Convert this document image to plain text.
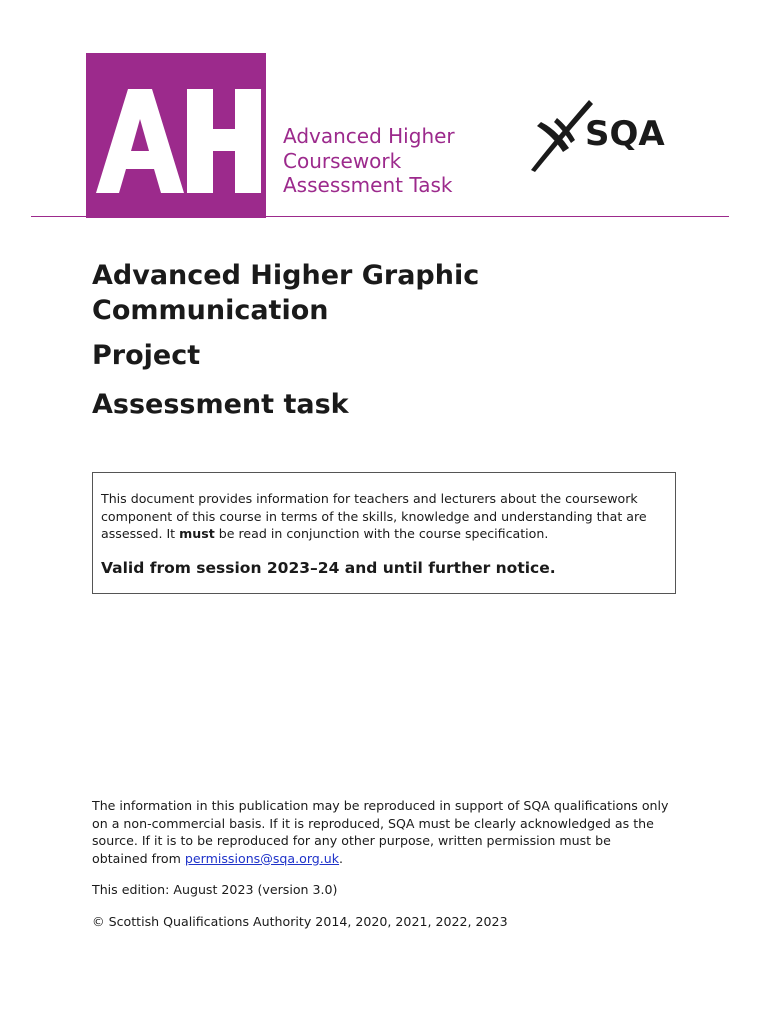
Advanced Higher
Coursework
Assessment Task
SQA
Advanced Higher Graphic
Communication
Project
Assessment task

This document provides information for teachers and lecturers about the coursework

component of this course in terms of the skills, knowledge and understanding that are

assessed. It must be read in conjunction with the course specification.

Valid from session 2023–24 and until further notice.

The information in this publication may be reproduced in support of SQA qualifications only

on a non-commercial basis. If it is reproduced, SQA must be clearly acknowledged as the

source. If it is to be reproduced for any other purpose, written permission must be

obtained from permissions@sqa.org.uk.

This edition: August 2023 (version 3.0)

© Scottish Qualifications Authority 2014, 2020, 2021, 2022, 2023
